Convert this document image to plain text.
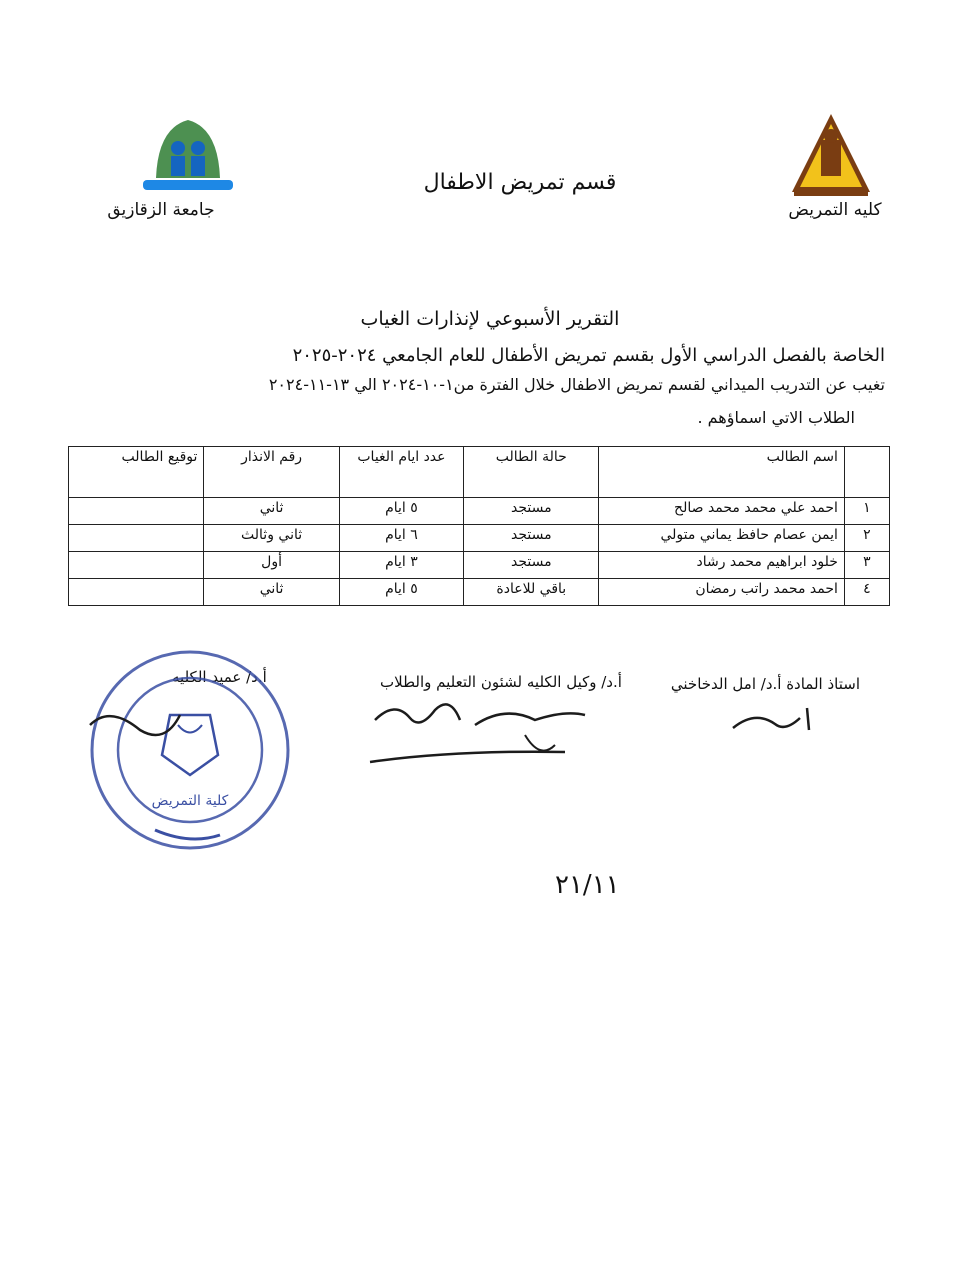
كليه التمريض
جامعة الزقازيق
قسم تمريض الاطفال
التقرير الأسبوعي لإنذارات الغياب
الخاصة بالفصل الدراسي الأول بقسم تمريض الأطفال للعام الجامعي ٢٠٢٤-٢٠٢٥
تغيب عن التدريب الميداني لقسم تمريض الاطفال خلال الفترة من١-١٠-٢٠٢٤ الي ١٣-١١-٢٠٢٤
الطلاب الاتي اسماؤهم .
	اسم الطالب	حالة الطالب	عدد ايام الغياب	رقم الانذار	توقيع الطالب
١	احمد علي محمد محمد صالح	مستجد	٥ ايام	ثاني	
٢	ايمن عصام حافظ يماني متولي	مستجد	٦ ايام	ثاني وثالث	
٣	خلود ابراهيم محمد رشاد	مستجد	٣ ايام	أول	
٤	احمد محمد راتب رمضان	باقي للاعادة	٥ ايام	ثاني	
استاذ المادة أ.د/ امل الدخاخني
أ.د/ وكيل الكليه لشئون التعليم والطلاب
أ.د/ عميد الكليه
كلية التمريض
٢١/١١
